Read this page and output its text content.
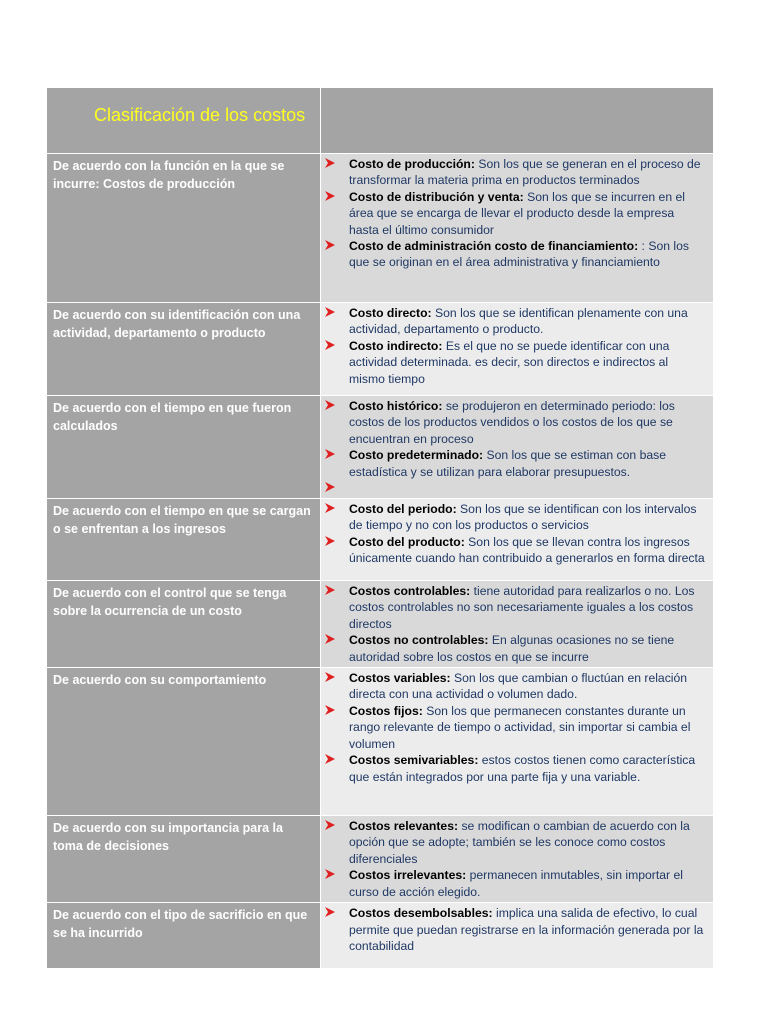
Clasificación de los costos	
De acuerdo con la función en la que se incurre: Costos de producción	Costo de producción: Son los que se generan en el proceso de transformar la materia prima en productos terminados
Costo de distribución y venta: Son los que se incurren en el área que se encarga de llevar el producto desde la empresa hasta el último consumidor
Costo de administración costo de financiamiento: : Son los que se originan en el área administrativa y financiamiento

De acuerdo con su identificación con una actividad, departamento o producto	Costo directo: Son los que se identifican plenamente con una actividad, departamento o producto.
Costo indirecto: Es el que no se puede identificar con una actividad determinada. es decir, son directos e indirectos al mismo tiempo

De acuerdo con el tiempo en que fueron calculados	Costo histórico: se produjeron en determinado periodo: los costos de los productos vendidos o los costos de los que se encuentran en proceso
Costo predeterminado: Son los que se estiman con base estadística y se utilizan para elaborar presupuestos.

De acuerdo con el tiempo en que se cargan o se enfrentan a los ingresos	Costo del periodo: Son los que se identifican con los intervalos de tiempo y no con los productos o servicios
Costo del producto: Son los que se llevan contra los ingresos únicamente cuando han contribuido a generarlos en forma directa

De acuerdo con el control que se tenga sobre la ocurrencia de un costo	Costos controlables: tiene autoridad para realizarlos o no. Los costos controlables no son necesariamente iguales a los costos directos
Costos no controlables: En algunas ocasiones no se tiene autoridad sobre los costos en que se incurre

De acuerdo con su comportamiento	Costos variables: Son los que cambian o fluctúan en relación directa con una actividad o volumen dado.
Costos fijos: Son los que permanecen constantes durante un rango relevante de tiempo o actividad, sin importar si cambia el volumen
Costos semivariables: estos costos tienen como característica que están integrados por una parte fija y una variable.

De acuerdo con su importancia para la toma de decisiones	Costos relevantes: se modifican o cambian de acuerdo con la opción que se adopte; también se les conoce como costos diferenciales
Costos irrelevantes: permanecen inmutables, sin importar el curso de acción elegido.

De acuerdo con el tipo de sacrificio en que se ha incurrido	Costos desembolsables: implica una salida de efectivo, lo cual permite que puedan registrarse en la información generada por la contabilidad
